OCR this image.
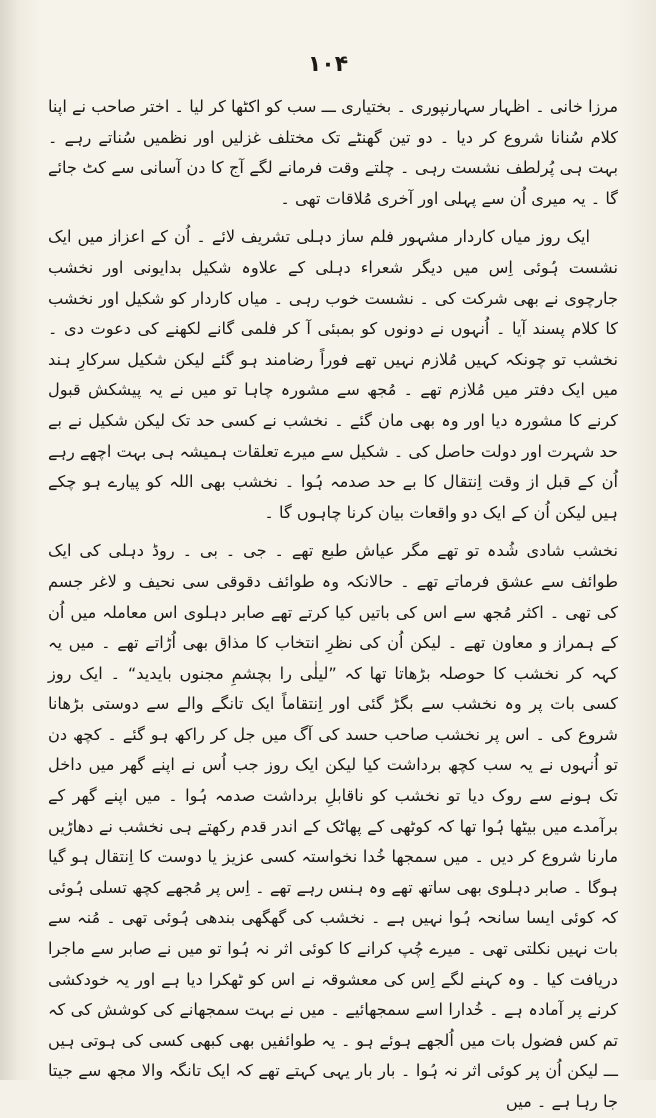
۱۰۴

مرزا خانی ۔ اظہار سہارنپوری ۔ بختیاری ـــ سب کو اکٹھا کر لیا ۔ اختر صاحب نے اپنا کلام سُنانا شروع کر دیا ۔ دو تین گھنٹے تک مختلف غزلیں اور نظمیں سُناتے رہے ۔ بہت ہی پُرلطف نشست رہی ۔ چلتے وقت فرمانے لگے آج کا دن آسانی سے کٹ جائے گا ۔ یہ میری اُن سے پہلی اور آخری مُلاقات تھی ۔

ایک روز میاں کاردار مشہور فلم ساز دہلی تشریف لائے ۔ اُن کے اعزاز میں ایک نشست ہُوئی اِس میں دیگر شعراء دہلی کے علاوہ شکیل بدایونی اور نخشب جارچوی نے بھی شرکت کی ۔ نشست خوب رہی ۔ میاں کاردار کو شکیل اور نخشب کا کلام پسند آیا ۔ اُنہوں نے دونوں کو بمبئی آ کر فلمی گانے لکھنے کی دعوت دی ۔ نخشب تو چونکہ کہیں مُلازم نہیں تھے فوراً رضامند ہو گئے لیکن شکیل سرکارِ ہند میں ایک دفتر میں مُلازم تھے ۔ مُجھ سے مشورہ چاہا تو میں نے یہ پیشکش قبول کرنے کا مشورہ دیا اور وہ بھی مان گئے ۔ نخشب نے کسی حد تک لیکن شکیل نے بے حد شہرت اور دولت حاصل کی ۔ شکیل سے میرے تعلقات ہمیشہ ہی بہت اچھے رہے اُن کے قبل از وقت اِنتقال کا بے حد صدمہ ہُوا ۔ نخشب بھی اللہ کو پیارے ہو چکے ہیں لیکن اُن کے ایک دو واقعات بیان کرنا چاہوں گا ۔

نخشب شادی شُدہ تو تھے مگر عیاش طبع تھے ۔ جی ۔ بی ۔ روڈ دہلی کی ایک طوائف سے عشق فرماتے تھے ۔ حالانکہ وہ طوائف دقوقی سی نحیف و لاغر جسم کی تھی ۔ اکثر مُجھ سے اس کی باتیں کیا کرتے تھے صابر دہلوی اس معاملہ میں اُن کے ہمراز و معاون تھے ۔ لیکن اُن کی نظرِ انتخاب کا مذاق بھی اُڑاتے تھے ۔ میں یہ کہہ کر نخشب کا حوصلہ بڑھاتا تھا کہ ”لیلٰی را بچشمِ مجنوں بایدید“ ۔ ایک روز کسی بات پر وہ نخشب سے بگڑ گئی اور اِنتقاماً ایک تانگے والے سے دوستی بڑھانا شروع کی ۔ اس پر نخشب صاحب حسد کی آگ میں جل کر راکھ ہو گئے ۔ کچھ دن تو اُنہوں نے یہ سب کچھ برداشت کیا لیکن ایک روز جب اُس نے اپنے گھر میں داخل تک ہونے سے روک دیا تو نخشب کو ناقابلِ برداشت صدمہ ہُوا ۔ میں اپنے گھر کے برآمدے میں بیٹھا ہُوا تھا کہ کوٹھی کے پھاٹک کے اندر قدم رکھتے ہی نخشب نے دھاڑیں مارنا شروع کر دیں ۔ میں سمجھا خُدا نخواستہ کسی عزیز یا دوست کا اِنتقال ہو گیا ہوگا ۔ صابر دہلوی بھی ساتھ تھے وہ ہنس رہے تھے ۔ اِس پر مُجھے کچھ تسلی ہُوئی کہ کوئی ایسا سانحہ ہُوا نہیں ہے ۔ نخشب کی گھگھی بندھی ہُوئی تھی ۔ مُنہ سے بات نہیں نکلتی تھی ۔ میرے چُپ کرانے کا کوئی اثر نہ ہُوا تو میں نے صابر سے ماجرا دریافت کیا ۔ وہ کہنے لگے اِس کی معشوقہ نے اس کو ٹھکرا دیا ہے اور یہ خودکشی کرنے پر آمادہ ہے ۔ خُدارا اسے سمجھائیے ۔ میں نے بہت سمجھانے کی کوشش کی کہ تم کس فضول بات میں اُلجھے ہوئے ہو ۔ یہ طوائفیں بھی کبھی کسی کی ہوتی ہیں ـــ لیکن اُن پر کوئی اثر نہ ہُوا ۔ بار بار یہی کہتے تھے کہ ایک تانگہ والا مجھ سے جیتا جا رہا ہے ۔ میں
